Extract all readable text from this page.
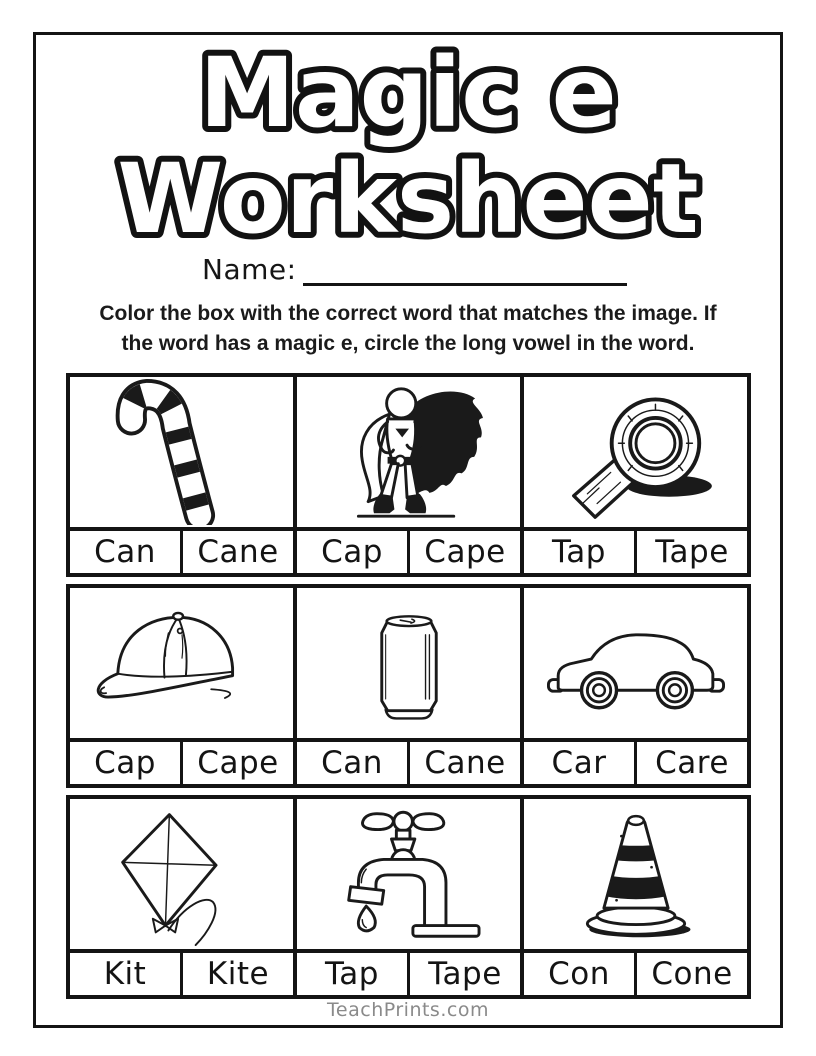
Magic e
Worksheet
Name:
Color the box with the correct word that matches the image. If
the word has a magic e, circle the long vowel in the word.
Can	Cane	Cap	Cape	Tap	Tape
Cap	Cape	Can	Cane	Car	Care
Kit	Kite	Tap	Tape	Con	Cone
TeachPrints.com
